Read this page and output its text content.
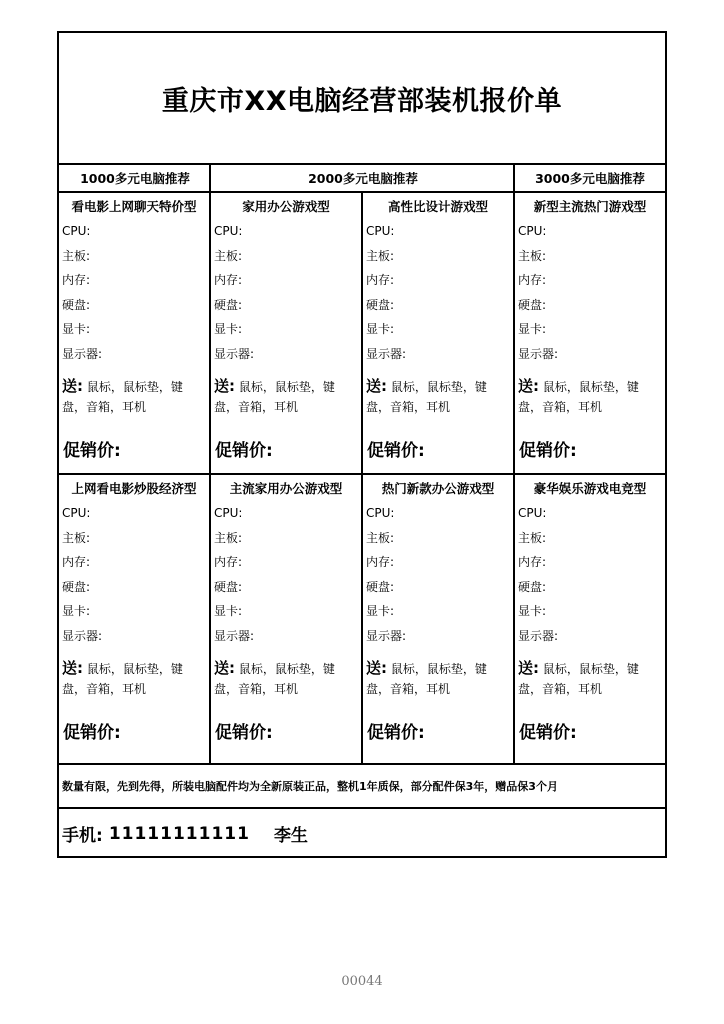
重庆市XX电脑经营部装机报价单
1000多元电脑推荐	2000多元电脑推荐	3000多元电脑推荐
看电影上网聊天特价型
CPU:
主板:
内存:
硬盘:
显卡:
显示器:
送: 鼠标，鼠标垫，键盘，音箱，耳机
促销价:
家用办公游戏型
CPU:
主板:
内存:
硬盘:
显卡:
显示器:
送: 鼠标，鼠标垫，键盘，音箱，耳机
促销价:
高性比设计游戏型
CPU:
主板:
内存:
硬盘:
显卡:
显示器:
送: 鼠标，鼠标垫，键盘，音箱，耳机
促销价:
新型主流热门游戏型
CPU:
主板:
内存:
硬盘:
显卡:
显示器:
送: 鼠标，鼠标垫，键盘，音箱，耳机
促销价:
上网看电影炒股经济型
CPU:
主板:
内存:
硬盘:
显卡:
显示器:
送: 鼠标，鼠标垫，键盘，音箱，耳机
促销价:
主流家用办公游戏型
CPU:
主板:
内存:
硬盘:
显卡:
显示器:
送: 鼠标，鼠标垫，键盘，音箱，耳机
促销价:
热门新款办公游戏型
CPU:
主板:
内存:
硬盘:
显卡:
显示器:
送: 鼠标，鼠标垫，键盘，音箱，耳机
促销价:
豪华娱乐游戏电竞型
CPU:
主板:
内存:
硬盘:
显卡:
显示器:
送: 鼠标，鼠标垫，键盘，音箱，耳机
促销价:
数量有限，先到先得，所装电脑配件均为全新原装正品，整机1年质保，部分配件保3年，赠品保3个月
手机: 11111111111 李生
00044
